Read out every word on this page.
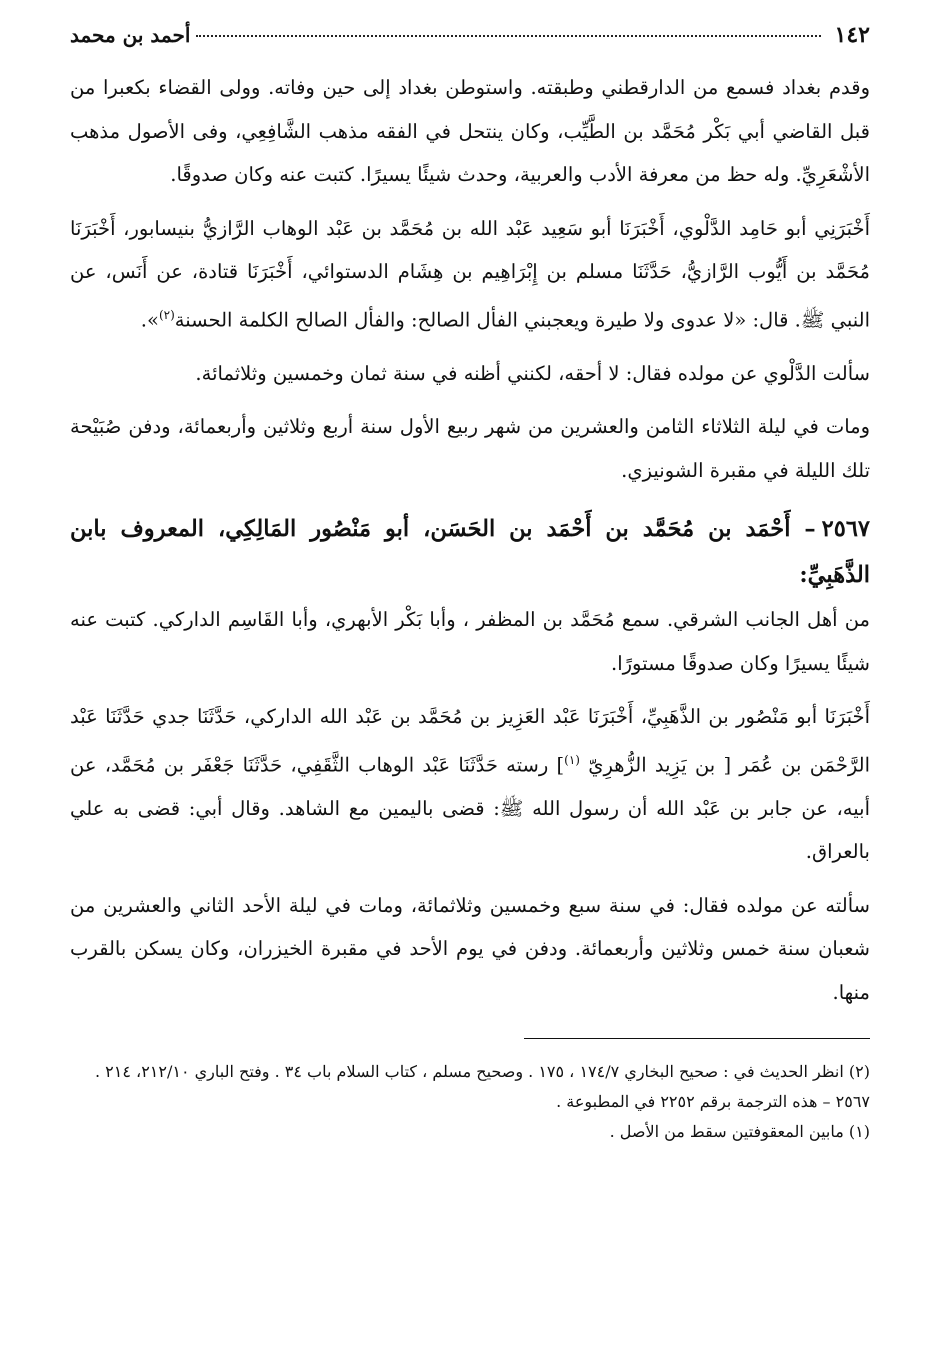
١٤٢
أحمد بن محمد

وقدم بغداد فسمع من الدارقطني وطبقته. واستوطن بغداد إلى حين وفاته. وولى القضاء بكعبرا من قبل القاضي أبي بَكْر مُحَمَّد بن الطَّيِّب، وكان ينتحل في الفقه مذهب الشَّافِعِي، وفى الأصول مذهب الأشْعَرِيِّ. وله حظ من معرفة الأدب والعربية، وحدث شيئًا يسيرًا. كتبت عنه وكان صدوقًا.

أَخْبَرَنِي أبو حَامِد الدَّلْوي، أَخْبَرَنَا أبو سَعِيد عَبْد الله بن مُحَمَّد بن عَبْد الوهاب الرَّازيُّ بنيسابور، أَخْبَرَنَا مُحَمَّد بن أَيُّوب الرَّازيُّ، حَدَّثَنَا مسلم بن إِبْرَاهِيم بن هِشَام الدستوائي، أَخْبَرَنَا قتادة، عن أَنَس، عن النبي ﷺ. قال: «لا عدوى ولا طيرة ويعجبني الفأل الصالح: والفأل الصالح الكلمة الحسنة$^{(٢)}$».

سألت الدَّلْوي عن مولده فقال: لا أحقه، لكنني أظنه في سنة ثمان وخمسين وثلاثمائة.

ومات في ليلة الثلاثاء الثامن والعشرين من شهر ربيع الأول سنة أربع وثلاثين وأربعمائة، ودفن صُبَيْحة تلك الليلة في مقبرة الشونيزي.

٢٥٦٧– أَحْمَد بن مُحَمَّد بن أَحْمَد بن الحَسَن، أبو مَنْصُور المَالِكِي، المعروف بابن الذَّهَبِيِّ:

من أهل الجانب الشرقي. سمع مُحَمَّد بن المظفر ، وأبا بَكْر الأبهري، وأبا القَاسِم الداركي. كتبت عنه شيئًا يسيرًا وكان صدوقًا مستورًا.

أَخْبَرَنَا أبو مَنْصُور بن الذَّهَبِيِّ، أَخْبَرَنَا عَبْد العَزِيز بن مُحَمَّد بن عَبْد الله الداركي، حَدَّثَنَا جدي حَدَّثَنَا عَبْد الرَّحْمَن بن عُمَر [ بن يَزِيد الزُّهرِيّ $^{(١)}$] رسته حَدَّثَنَا عَبْد الوهاب الثَّقَفِي، حَدَّثَنَا جَعْفَر بن مُحَمَّد، عن أبيه، عن جابر بن عَبْد الله أن رسول الله ﷺ: قضى باليمين مع الشاهد. وقال أبي: قضى به علي بالعراق.

سألته عن مولده فقال: في سنة سبع وخمسين وثلاثمائة، ومات في ليلة الأحد الثاني والعشرين من شعبان سنة خمس وثلاثين وأربعمائة. ودفن في يوم الأحد في مقبرة الخيزران، وكان يسكن بالقرب منها.

(٢) انظر الحديث في : صحيح البخاري ١٧٤/٧ ، ١٧٥ . وصحيح مسلم ، كتاب السلام باب ٣٤ . وفتح الباري ٢١٢/١٠، ٢١٤ .

٢٥٦٧ – هذه الترجمة برقم ٢٢٥٢ في المطبوعة .

(١) مابين المعقوفتين سقط من الأصل .
